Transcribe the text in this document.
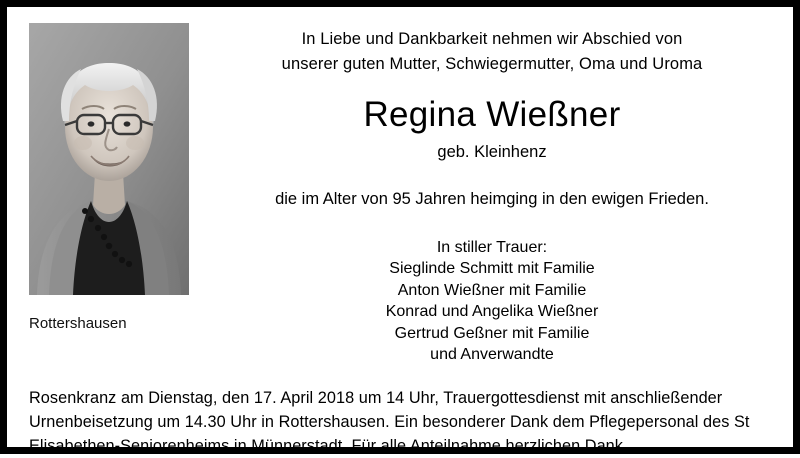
Rottershausen
In Liebe und Dankbarkeit nehmen wir Abschied von
unserer guten Mutter, Schwiegermutter, Oma und Uroma
Regina Wießner
geb. Kleinhenz
die im Alter von 95 Jahren heimging in den ewigen Frieden.
In stiller Trauer:
Sieglinde Schmitt mit Familie
Anton Wießner mit Familie
Konrad und Angelika Wießner
Gertrud Geßner mit Familie
und Anverwandte
Rosenkranz am Dienstag, den 17. April 2018 um 14 Uhr, Trauergottesdienst mit anschließender Urnenbeisetzung um 14.30 Uhr in Rottershausen. Ein besonderer Dank dem Pflegepersonal des St Elisabethen-Seniorenheims in Münnerstadt. Für alle Anteilnahme herzlichen Dank.
